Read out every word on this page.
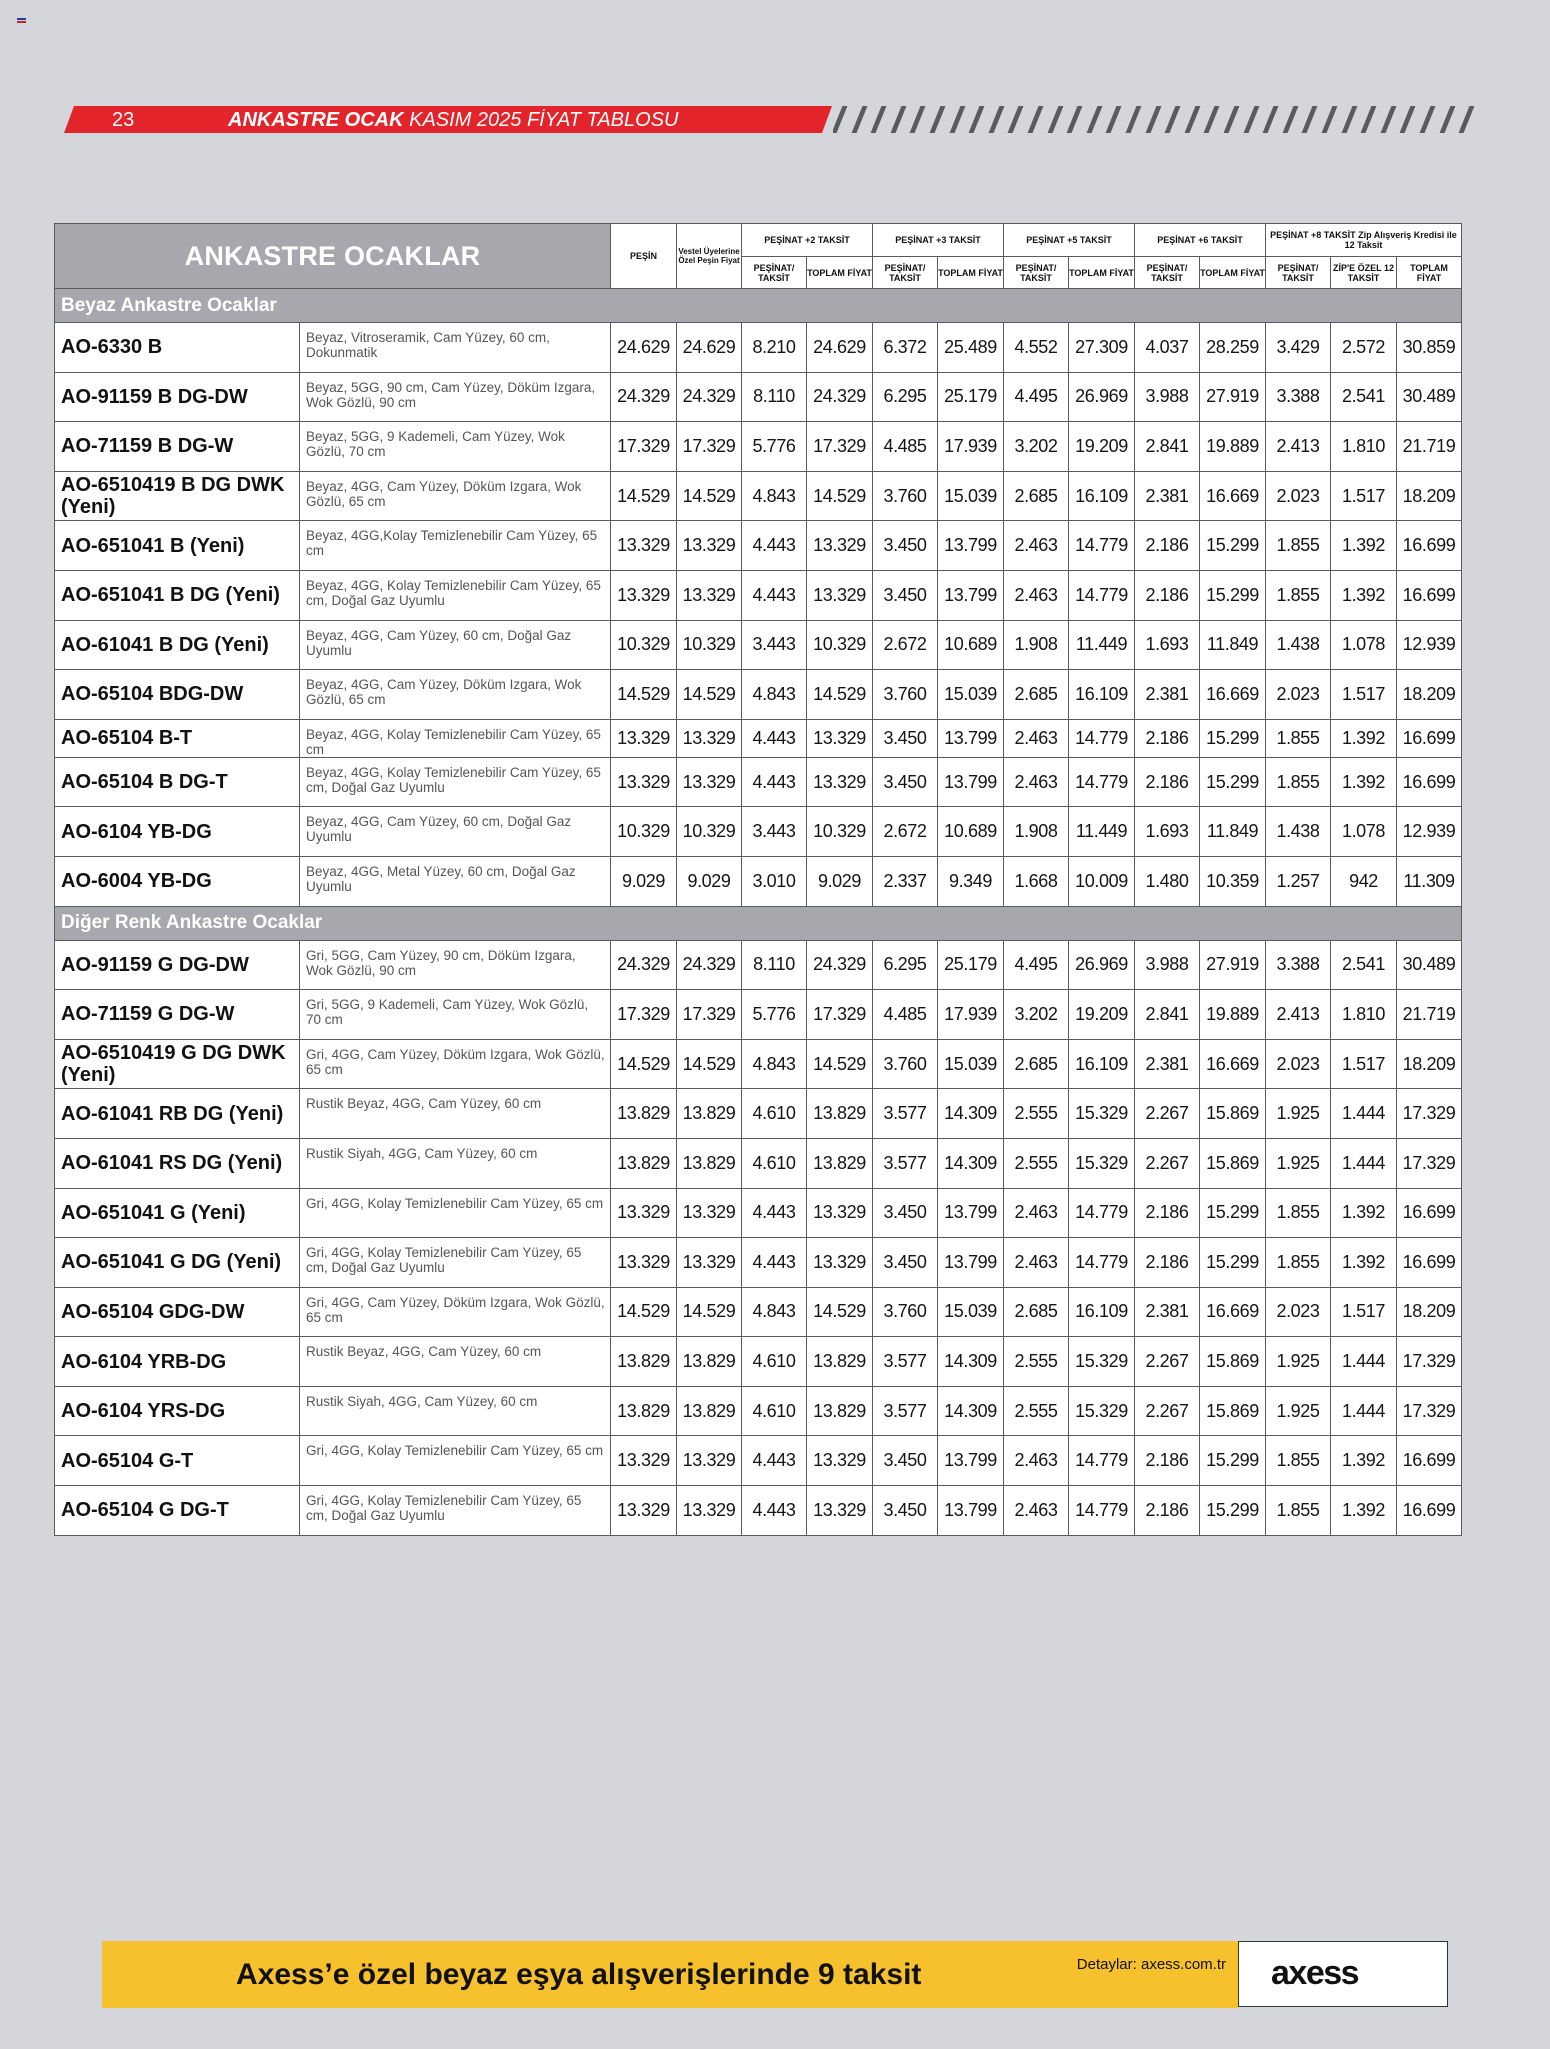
23	ANKASTRE OCAK KASIM 2025 FİYAT TABLOSU
ANKASTRE OCAKLAR		PEŞİN	Vestel Üyelerine Özel Peşin Fiyat	PEŞİNAT +2 TAKSİT		PEŞİNAT +3 TAKSİT		PEŞİNAT +5 TAKSİT		PEŞİNAT +6 TAKSİT		PEŞİNAT +8 TAKSİT Zip Alışveriş Kredisi ile 12 Taksit		
				PEŞİNAT/ TAKSİT	TOPLAM FİYAT	PEŞİNAT/ TAKSİT	TOPLAM FİYAT	PEŞİNAT/ TAKSİT	TOPLAM FİYAT	PEŞİNAT/ TAKSİT	TOPLAM FİYAT	PEŞİNAT/ TAKSİT	ZİP'E ÖZEL 12 TAKSİT	TOPLAM FİYAT
Beyaz Ankastre Ocaklar														
AO-6330 B	Beyaz, Vitroseramik, Cam Yüzey, 60 cm, Dokunmatik	24.629	24.629	8.210	24.629	6.372	25.489	4.552	27.309	4.037	28.259	3.429	2.572	30.859
AO-91159 B DG-DW	Beyaz, 5GG, 90 cm, Cam Yüzey, Döküm Izgara, Wok Gözlü, 90 cm	24.329	24.329	8.110	24.329	6.295	25.179	4.495	26.969	3.988	27.919	3.388	2.541	30.489
AO-71159 B DG-W	Beyaz, 5GG, 9 Kademeli, Cam Yüzey, Wok Gözlü, 70 cm	17.329	17.329	5.776	17.329	4.485	17.939	3.202	19.209	2.841	19.889	2.413	1.810	21.719
AO-6510419 B DG DWK (Yeni)	Beyaz, 4GG, Cam Yüzey, Döküm Izgara, Wok Gözlü, 65 cm	14.529	14.529	4.843	14.529	3.760	15.039	2.685	16.109	2.381	16.669	2.023	1.517	18.209
AO-651041 B (Yeni)	Beyaz, 4GG,Kolay Temizlenebilir Cam Yüzey, 65 cm	13.329	13.329	4.443	13.329	3.450	13.799	2.463	14.779	2.186	15.299	1.855	1.392	16.699
AO-651041 B DG (Yeni)	Beyaz, 4GG, Kolay Temizlenebilir Cam Yüzey, 65 cm, Doğal Gaz Uyumlu	13.329	13.329	4.443	13.329	3.450	13.799	2.463	14.779	2.186	15.299	1.855	1.392	16.699
AO-61041 B DG (Yeni)	Beyaz, 4GG, Cam Yüzey, 60 cm, Doğal Gaz Uyumlu	10.329	10.329	3.443	10.329	2.672	10.689	1.908	11.449	1.693	11.849	1.438	1.078	12.939
AO-65104 BDG-DW	Beyaz, 4GG, Cam Yüzey, Döküm Izgara, Wok Gözlü, 65 cm	14.529	14.529	4.843	14.529	3.760	15.039	2.685	16.109	2.381	16.669	2.023	1.517	18.209
AO-65104 B-T	Beyaz, 4GG, Kolay Temizlenebilir Cam Yüzey, 65 cm	13.329	13.329	4.443	13.329	3.450	13.799	2.463	14.779	2.186	15.299	1.855	1.392	16.699
AO-65104 B DG-T	Beyaz, 4GG, Kolay Temizlenebilir Cam Yüzey, 65 cm, Doğal Gaz Uyumlu	13.329	13.329	4.443	13.329	3.450	13.799	2.463	14.779	2.186	15.299	1.855	1.392	16.699
AO-6104 YB-DG	Beyaz, 4GG, Cam Yüzey, 60 cm, Doğal Gaz Uyumlu	10.329	10.329	3.443	10.329	2.672	10.689	1.908	11.449	1.693	11.849	1.438	1.078	12.939
AO-6004 YB-DG	Beyaz, 4GG, Metal Yüzey, 60 cm, Doğal Gaz Uyumlu	9.029	9.029	3.010	9.029	2.337	9.349	1.668	10.009	1.480	10.359	1.257	942	11.309
Diğer Renk Ankastre Ocaklar														
AO-91159 G DG-DW	Gri, 5GG, Cam Yüzey, 90 cm, Döküm Izgara, Wok Gözlü, 90 cm	24.329	24.329	8.110	24.329	6.295	25.179	4.495	26.969	3.988	27.919	3.388	2.541	30.489
AO-71159 G DG-W	Gri, 5GG, 9 Kademeli, Cam Yüzey, Wok Gözlü, 70 cm	17.329	17.329	5.776	17.329	4.485	17.939	3.202	19.209	2.841	19.889	2.413	1.810	21.719
AO-6510419 G DG DWK (Yeni)	Gri, 4GG, Cam Yüzey, Döküm Izgara, Wok Gözlü, 65 cm	14.529	14.529	4.843	14.529	3.760	15.039	2.685	16.109	2.381	16.669	2.023	1.517	18.209
AO-61041 RB DG (Yeni)	Rustik Beyaz, 4GG, Cam Yüzey, 60 cm	13.829	13.829	4.610	13.829	3.577	14.309	2.555	15.329	2.267	15.869	1.925	1.444	17.329
AO-61041 RS DG (Yeni)	Rustik Siyah, 4GG, Cam Yüzey, 60 cm	13.829	13.829	4.610	13.829	3.577	14.309	2.555	15.329	2.267	15.869	1.925	1.444	17.329
AO-651041 G (Yeni)	Gri, 4GG, Kolay Temizlenebilir Cam Yüzey, 65 cm	13.329	13.329	4.443	13.329	3.450	13.799	2.463	14.779	2.186	15.299	1.855	1.392	16.699
AO-651041 G DG (Yeni)	Gri, 4GG, Kolay Temizlenebilir Cam Yüzey, 65 cm, Doğal Gaz Uyumlu	13.329	13.329	4.443	13.329	3.450	13.799	2.463	14.779	2.186	15.299	1.855	1.392	16.699
AO-65104 GDG-DW	Gri, 4GG, Cam Yüzey, Döküm Izgara, Wok Gözlü, 65 cm	14.529	14.529	4.843	14.529	3.760	15.039	2.685	16.109	2.381	16.669	2.023	1.517	18.209
AO-6104 YRB-DG	Rustik Beyaz, 4GG, Cam Yüzey, 60 cm	13.829	13.829	4.610	13.829	3.577	14.309	2.555	15.329	2.267	15.869	1.925	1.444	17.329
AO-6104 YRS-DG	Rustik Siyah, 4GG, Cam Yüzey, 60 cm	13.829	13.829	4.610	13.829	3.577	14.309	2.555	15.329	2.267	15.869	1.925	1.444	17.329
AO-65104 G-T	Gri, 4GG, Kolay Temizlenebilir Cam Yüzey, 65 cm	13.329	13.329	4.443	13.329	3.450	13.799	2.463	14.779	2.186	15.299	1.855	1.392	16.699
AO-65104 G DG-T	Gri, 4GG, Kolay Temizlenebilir Cam Yüzey, 65 cm, Doğal Gaz Uyumlu	13.329	13.329	4.443	13.329	3.450	13.799	2.463	14.779	2.186	15.299	1.855	1.392	16.699
Axess’e özel beyaz eşya alışverişlerinde 9 taksit	Detaylar: axess.com.tr axess
